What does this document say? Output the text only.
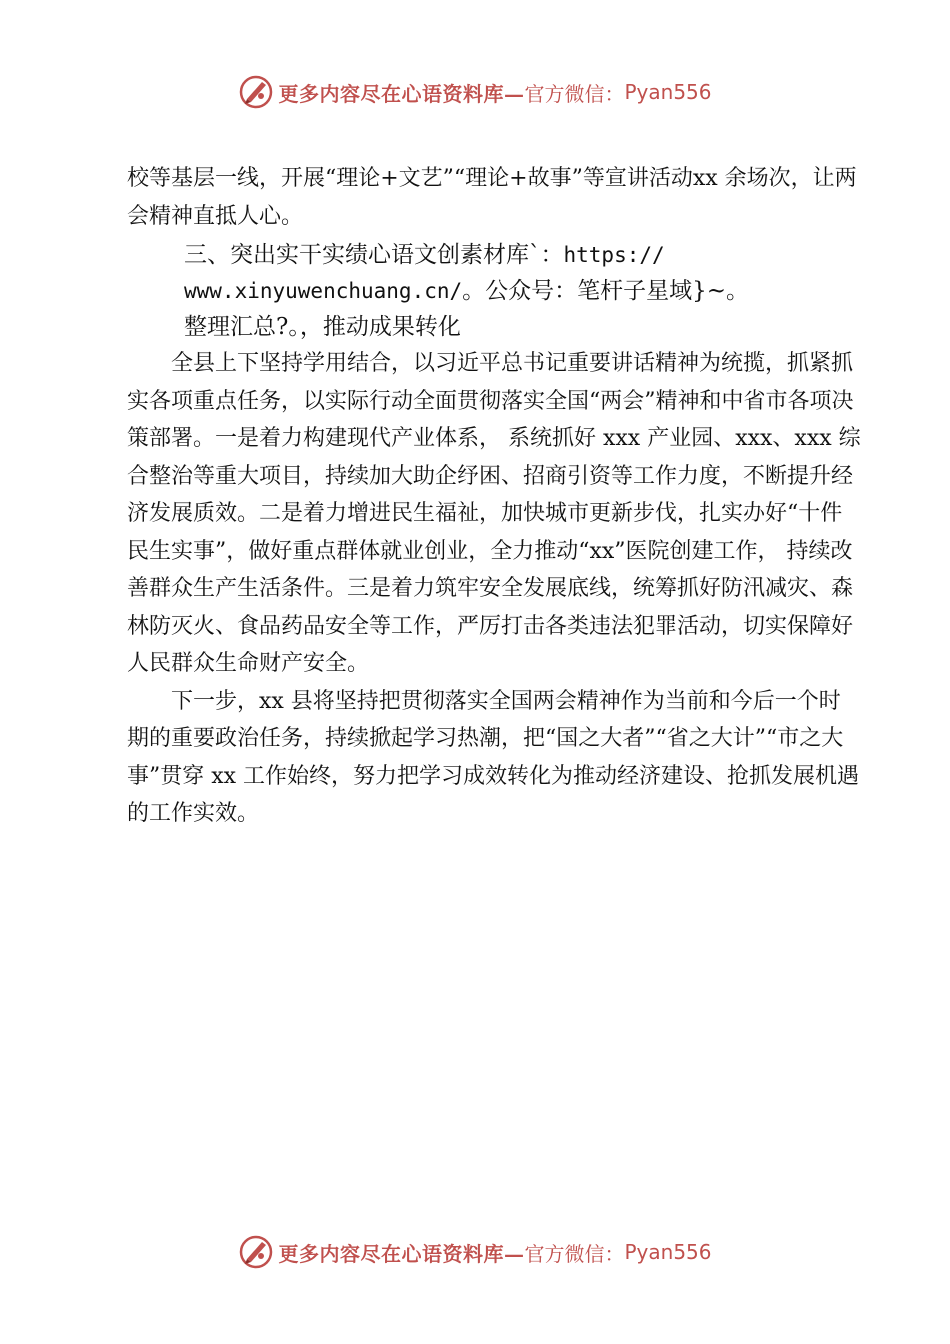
更多内容尽在心语资料库— 官方微信： Pyan556

校等基层一线，开展“理论+文艺”“理论+故事”等宣讲活动xx 余场次，让两会精神直抵人心。

三、突出实干实绩心语文创素材库`：https://
www.xinyuwenchuang.cn/。公众号：笔杆子星域}~。
整理汇总?。，推动成果转化

全县上下坚持学用结合，以习近平总书记重要讲话精神为统揽，抓紧抓实各项重点任务，以实际行动全面贯彻落实全国“两会”精神和中省市各项决策部署。一是着力构建现代产业体系， 系统抓好 xxx 产业园、xxx、xxx 综合整治等重大项目，持续加大助企纾困、招商引资等工作力度，不断提升经济发展质效。二是着力增进民生福祉，加快城市更新步伐，扎实办好“十件民生实事”，做好重点群体就业创业，全力推动“xx”医院创建工作， 持续改善群众生产生活条件。三是着力筑牢安全发展底线，统筹抓好防汛减灾、森林防灭火、食品药品安全等工作，严厉打击各类违法犯罪活动，切实保障好人民群众生命财产安全。

下一步，xx 县将坚持把贯彻落实全国两会精神作为当前和今后一个时期的重要政治任务，持续掀起学习热潮，把“国之大者”“省之大计”“市之大事”贯穿 xx 工作始终，努力把学习成效转化为推动经济建设、抢抓发展机遇的工作实效。

更多内容尽在心语资料库— 官方微信： Pyan556
